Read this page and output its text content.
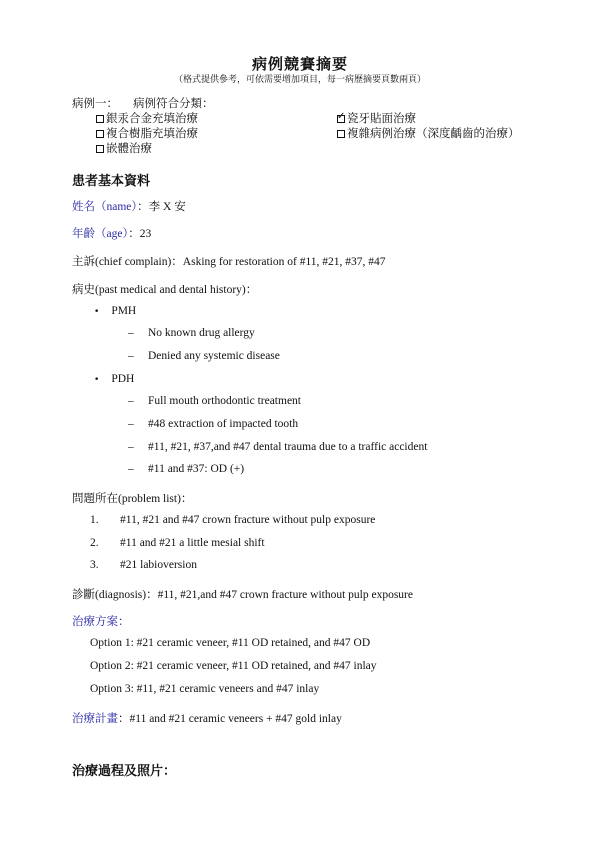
病例競賽摘要
（格式提供參考，可依需要增加項目，每一病歷摘要頁數兩頁）
病例一： 病例符合分類：
銀汞合金充填治療
複合樹脂充填治療
嵌體治療
✓瓷牙貼面治療
複雜病例治療（深度齲齒的治療）
患者基本資料
姓名（name）：李 X 安
年齡（age）：23
主訴(chief complain)：Asking for restoration of #11, #21, #37, #47
病史(past medical and dental history)：
• PMH
– No known drug allergy
– Denied any systemic disease
• PDH
– Full mouth orthodontic treatment
– #48 extraction of impacted tooth
– #11, #21, #37,and #47 dental trauma due to a traffic accident
– #11 and #37: OD (+)
問題所在(problem list)：
1. #11, #21 and #47 crown fracture without pulp exposure
2. #11 and #21 a little mesial shift
3. #21 labioversion
診斷(diagnosis)：#11, #21,and #47 crown fracture without pulp exposure
治療方案：
Option 1: #21 ceramic veneer, #11 OD retained, and #47 OD
Option 2: #21 ceramic veneer, #11 OD retained, and #47 inlay
Option 3: #11, #21 ceramic veneers and #47 inlay
治療計畫：#11 and #21 ceramic veneers + #47 gold inlay
治療過程及照片：
